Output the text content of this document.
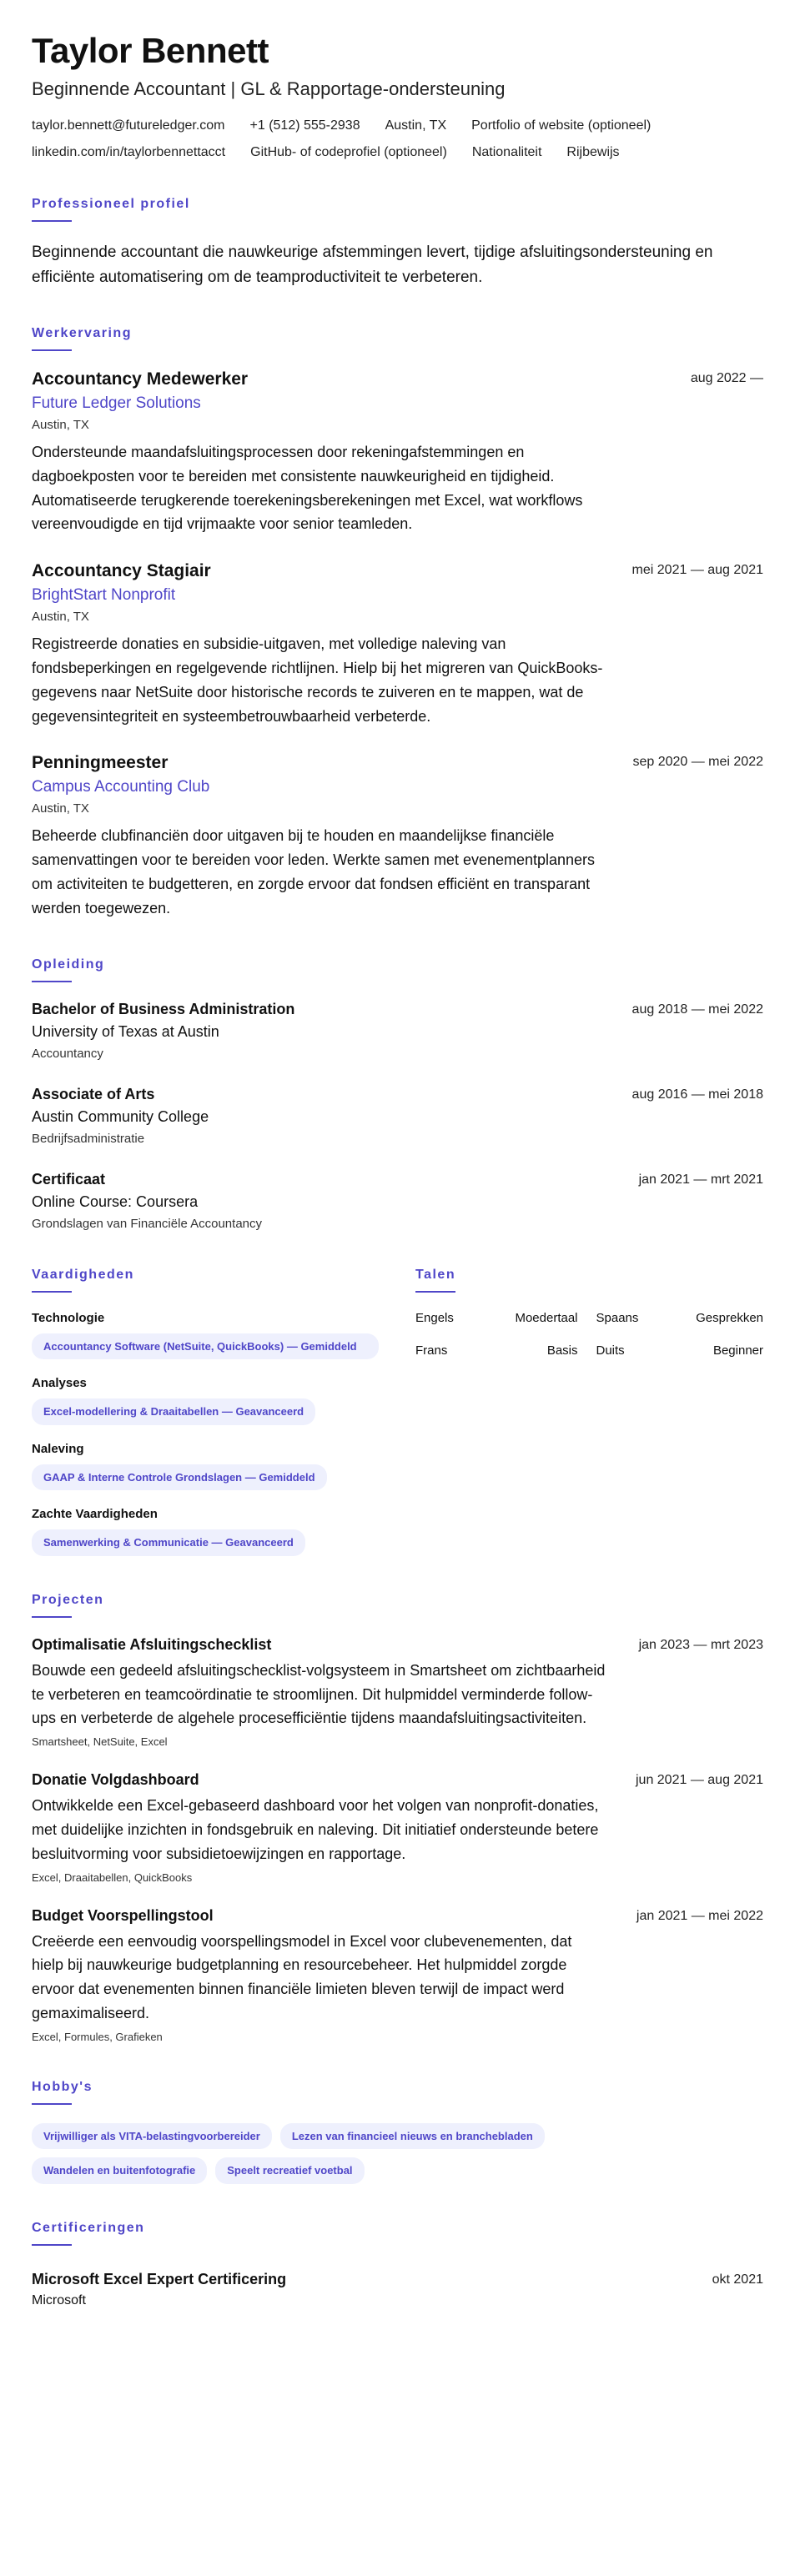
Taylor Bennett
Beginnende Accountant | GL & Rapportage-ondersteuning
taylor.bennett@futureledger.com +1 (512) 555-2938 Austin, TX Portfolio of website (optioneel)
linkedin.com/in/taylorbennettacct GitHub- of codeprofiel (optioneel) Nationaliteit Rijbewijs
Professioneel profiel

Beginnende accountant die nauwkeurige afstemmingen levert, tijdige afsluitingsondersteuning en efficiënte automatisering om de teamproductiviteit te verbeteren.

Werkervaring
aug 2022 —
Accountancy Medewerker
Future Ledger Solutions
Austin, TX

Ondersteunde maandafsluitingsprocessen door rekeningafstemmingen en dagboekposten voor te bereiden met consistente nauwkeurigheid en tijdigheid. Automatiseerde terugkerende toerekeningsberekeningen met Excel, wat workflows vereenvoudigde en tijd vrijmaakte voor senior teamleden.

mei 2021 — aug 2021
Accountancy Stagiair
BrightStart Nonprofit
Austin, TX

Registreerde donaties en subsidie-uitgaven, met volledige naleving van fondsbeperkingen en regelgevende richtlijnen. Hielp bij het migreren van QuickBooks-gegevens naar NetSuite door historische records te zuiveren en te mappen, wat de gegevensintegriteit en systeembetrouwbaarheid verbeterde.

sep 2020 — mei 2022
Penningmeester
Campus Accounting Club
Austin, TX

Beheerde clubfinanciën door uitgaven bij te houden en maandelijkse financiële samenvattingen voor te bereiden voor leden. Werkte samen met evenementplanners om activiteiten te budgetteren, en zorgde ervoor dat fondsen efficiënt en transparant werden toegewezen.

Opleiding
aug 2018 — mei 2022
Bachelor of Business Administration
University of Texas at Austin
Accountancy
aug 2016 — mei 2018
Associate of Arts
Austin Community College
Bedrijfsadministratie
jan 2021 — mrt 2021
Certificaat
Online Course: Coursera
Grondslagen van Financiële Accountancy
Vaardigheden
Technologie
Accountancy Software (NetSuite, QuickBooks) — Gemiddeld
Analyses
Excel-modellering & Draaitabellen — Geavanceerd
Naleving
GAAP & Interne Controle Grondslagen — Gemiddeld
Zachte Vaardigheden
Samenwerking & Communicatie — Geavanceerd
Talen
Engels	Moedertaal Spaans	Gesprekken
Frans	Basis Duits	Beginner
Projecten
jan 2023 — mrt 2023
Optimalisatie Afsluitingschecklist

Bouwde een gedeeld afsluitingschecklist-volgsysteem in Smartsheet om zichtbaarheid te verbeteren en teamcoördinatie te stroomlijnen. Dit hulpmiddel verminderde follow-ups en verbeterde de algehele procesefficiëntie tijdens maandafsluitingsactiviteiten.

Smartsheet, NetSuite, Excel
jun 2021 — aug 2021
Donatie Volgdashboard

Ontwikkelde een Excel-gebaseerd dashboard voor het volgen van nonprofit-donaties, met duidelijke inzichten in fondsgebruik en naleving. Dit initiatief ondersteunde betere besluitvorming voor subsidietoewijzingen en rapportage.

Excel, Draaitabellen, QuickBooks
jan 2021 — mei 2022
Budget Voorspellingstool

Creëerde een eenvoudig voorspellingsmodel in Excel voor clubevenementen, dat hielp bij nauwkeurige budgetplanning en resourcebeheer. Het hulpmiddel zorgde ervoor dat evenementen binnen financiële limieten bleven terwijl de impact werd gemaximaliseerd.

Excel, Formules, Grafieken
Hobby's
Vrijwilliger als VITA-belastingvoorbereider	Lezen van financieel nieuws en branchebladen
Wandelen en buitenfotografie	Speelt recreatief voetbal
Certificeringen
okt 2021
Microsoft Excel Expert Certificering
Microsoft
